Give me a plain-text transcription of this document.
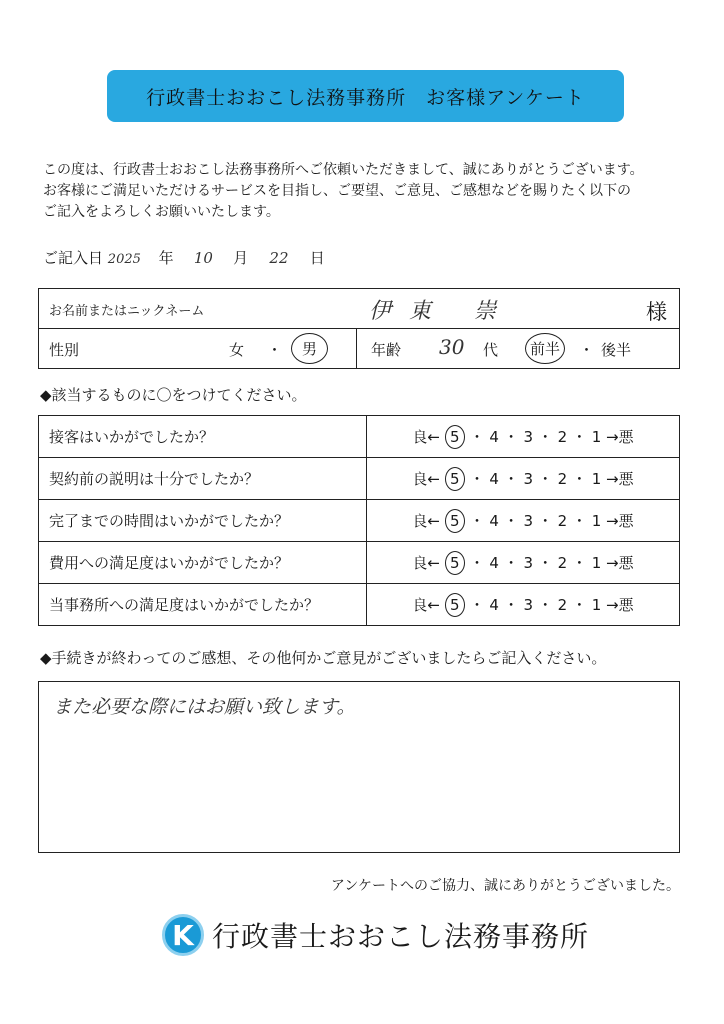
行政書士おおこし法務事務所　お客様アンケート
この度は、行政書士おおこし法務事務所へご依頼いただきまして、誠にありがとうございます。
お客様にご満足いただけるサービスを目指し、ご要望、ご意見、ご感想などを賜りたく以下の
ご記入をよろしくお願いいたします。
ご記入日 2025 年 10 月 22 日
お名前またはニックネーム	伊東 崇	様

性別	女 ・	男	年齢 30 代	前半	・ 後半
◆該当するものに〇をつけてください。
接客はいかがでしたか？	良← 5 ・ 4 ・ 3 ・ 2 ・ 1 →悪
契約前の説明は十分でしたか？	良← 5 ・ 4 ・ 3 ・ 2 ・ 1 →悪
完了までの時間はいかがでしたか？	良← 5 ・ 4 ・ 3 ・ 2 ・ 1 →悪
費用への満足度はいかがでしたか？	良← 5 ・ 4 ・ 3 ・ 2 ・ 1 →悪
当事務所への満足度はいかがでしたか？	良← 5 ・ 4 ・ 3 ・ 2 ・ 1 →悪
◆手続きが終わってのご感想、その他何かご意見がございましたらご記入ください。
また必要な際にはお願い致します。
アンケートへのご協力、誠にありがとうございました。
K 行政書士おおこし法務事務所
